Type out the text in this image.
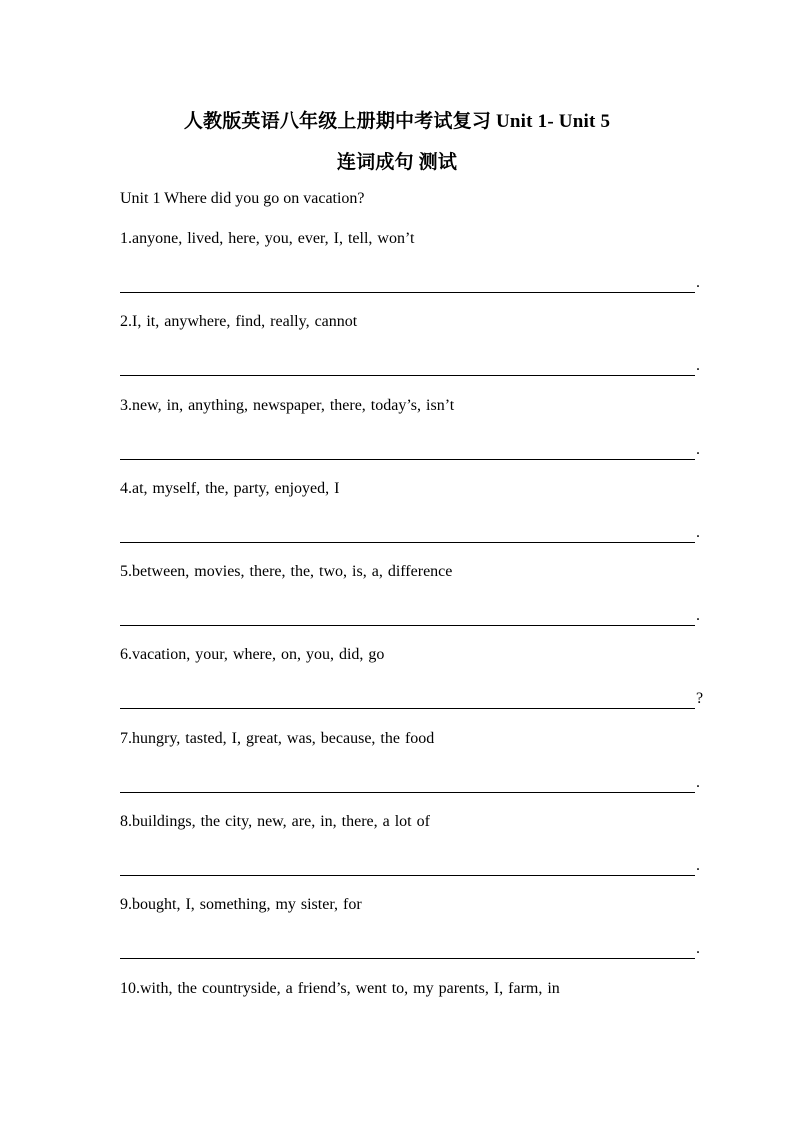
人教版英语八年级上册期中考试复习 Unit 1- Unit 5
连词成句 测试
Unit 1 Where did you go on vacation?
1.anyone, lived, here, you, ever, I, tell, won’t
.
2.I, it, anywhere, find, really, cannot
.
3.new, in, anything, newspaper, there, today’s, isn’t
.
4.at, myself, the, party, enjoyed, I
.
5.between, movies, there, the, two, is, a, difference
.
6.vacation, your, where, on, you, did, go
?
7.hungry, tasted, I, great, was, because, the food
.
8.buildings, the city, new, are, in, there, a lot of
.
9.bought, I, something, my sister, for
.
10.with, the countryside, a friend’s, went to, my parents, I, farm, in
